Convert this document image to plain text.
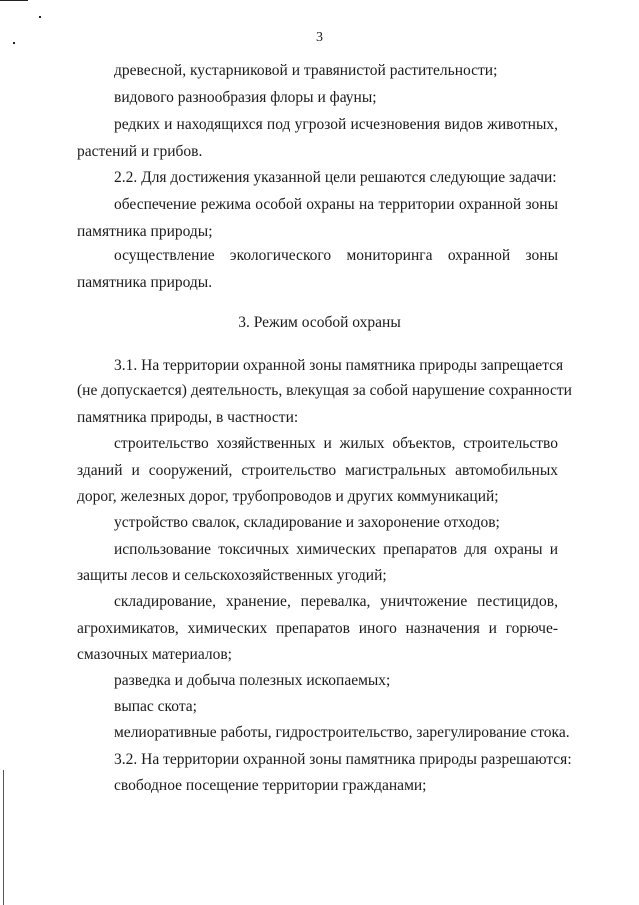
3
древесной, кустарниковой и травянистой растительности;
видового разнообразия флоры и фауны;
редких и находящихся под угрозой исчезновения видов животных,
растений и грибов.
2.2. Для достижения указанной цели решаются следующие задачи:
обеспечение режима особой охраны на территории охранной зоны
памятника природы;
осуществление экологического мониторинга охранной зоны
памятника природы.
3. Режим особой охраны
3.1. На территории охранной зоны памятника природы запрещается
(не допускается) деятельность, влекущая за собой нарушение сохранности
памятника природы, в частности:
строительство хозяйственных и жилых объектов, строительство
зданий и сооружений, строительство магистральных автомобильных
дорог, железных дорог, трубопроводов и других коммуникаций;
устройство свалок, складирование и захоронение отходов;
использование токсичных химических препаратов для охраны и
защиты лесов и сельскохозяйственных угодий;
складирование, хранение, перевалка, уничтожение пестицидов,
агрохимикатов, химических препаратов иного назначения и горюче-
смазочных материалов;
разведка и добыча полезных ископаемых;
выпас скота;
мелиоративные работы, гидростроительство, зарегулирование стока.
3.2. На территории охранной зоны памятника природы разрешаются:
свободное посещение территории гражданами;
